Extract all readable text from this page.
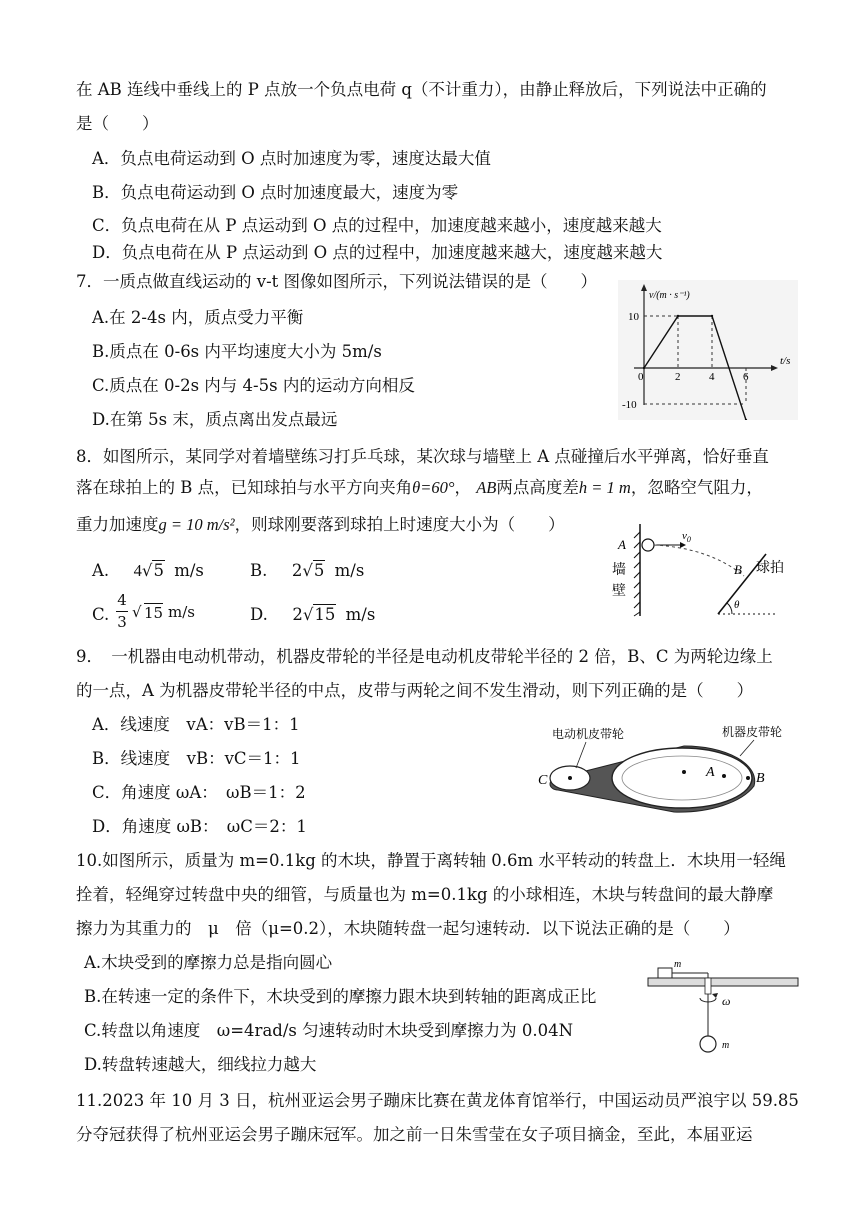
在 AB 连线中垂线上的 P 点放一个负点电荷 q（不计重力），由静止释放后，下列说法中正确的
是（　　）
A．负点电荷运动到 O 点时加速度为零，速度达最大值
B．负点电荷运动到 O 点时加速度最大，速度为零
C．负点电荷在从 P 点运动到 O 点的过程中，加速度越来越小，速度越来越大
D．负点电荷在从 P 点运动到 O 点的过程中，加速度越来越大，速度越来越大
7．一质点做直线运动的 v-t 图像如图所示，下列说法错误的是（　　）
A.在 2-4s 内，质点受力平衡
B.质点在 0-6s 内平均速度大小为 5m/s
C.质点在 0-2s 内与 4-5s 内的运动方向相反
D.在第 5s 末，质点离出发点最远
v/(m · s⁻¹)
t/s
0	2	4	6
10
-10
8．如图所示，某同学对着墙壁练习打乒乓球，某次球与墙壁上 A 点碰撞后水平弹离，恰好垂直
落在球拍上的 B 点，已知球拍与水平方向夹角θ=60°， AB两点高度差h = 1 m，忽略空气阻力，
重力加速度g = 10 m/s²，则球刚要落到球拍上时速度大小为（　　）
A. 4√5 m/s	B. 2√5 m/s
C.
4
3
√ 15 m/s	D. 2√15 m/s
A
$v_0$
墙
壁
B 球拍
θ
9．　一机器由电动机带动，机器皮带轮的半径是电动机皮带轮半径的 2 倍，B、C 为两轮边缘上
的一点，A 为机器皮带轮半径的中点，皮带与两轮之间不发生滑动，则下列正确的是（　　）
A．线速度　vA：vB＝1：1
B．线速度　vB：vC＝1：1
C．角速度 ωA：　ωB＝1：2
D．角速度 ωB：　ωC＝2：1
电动机皮带轮	机器皮带轮
C
A	B
10.如图所示，质量为 m=0.1kg 的木块，静置于离转轴 0.6m 水平转动的转盘上．木块用一轻绳
拴着，轻绳穿过转盘中央的细管，与质量也为 m=0.1kg 的小球相连，木块与转盘间的最大静摩
擦力为其重力的　μ　倍（μ=0.2），木块随转盘一起匀速转动．以下说法正确的是（　　）
A.木块受到的摩擦力总是指向圆心
B.在转速一定的条件下，木块受到的摩擦力跟木块到转轴的距离成正比
C.转盘以角速度　ω=4rad/s 匀速转动时木块受到摩擦力为 0.04N
D.转盘转速越大，细线拉力越大
m
ω
m
11.2023 年 10 月 3 日，杭州亚运会男子蹦床比赛在黄龙体育馆举行，中国运动员严浪宇以 59.85
分夺冠获得了杭州亚运会男子蹦床冠军。加之前一日朱雪莹在女子项目摘金，至此，本届亚运
